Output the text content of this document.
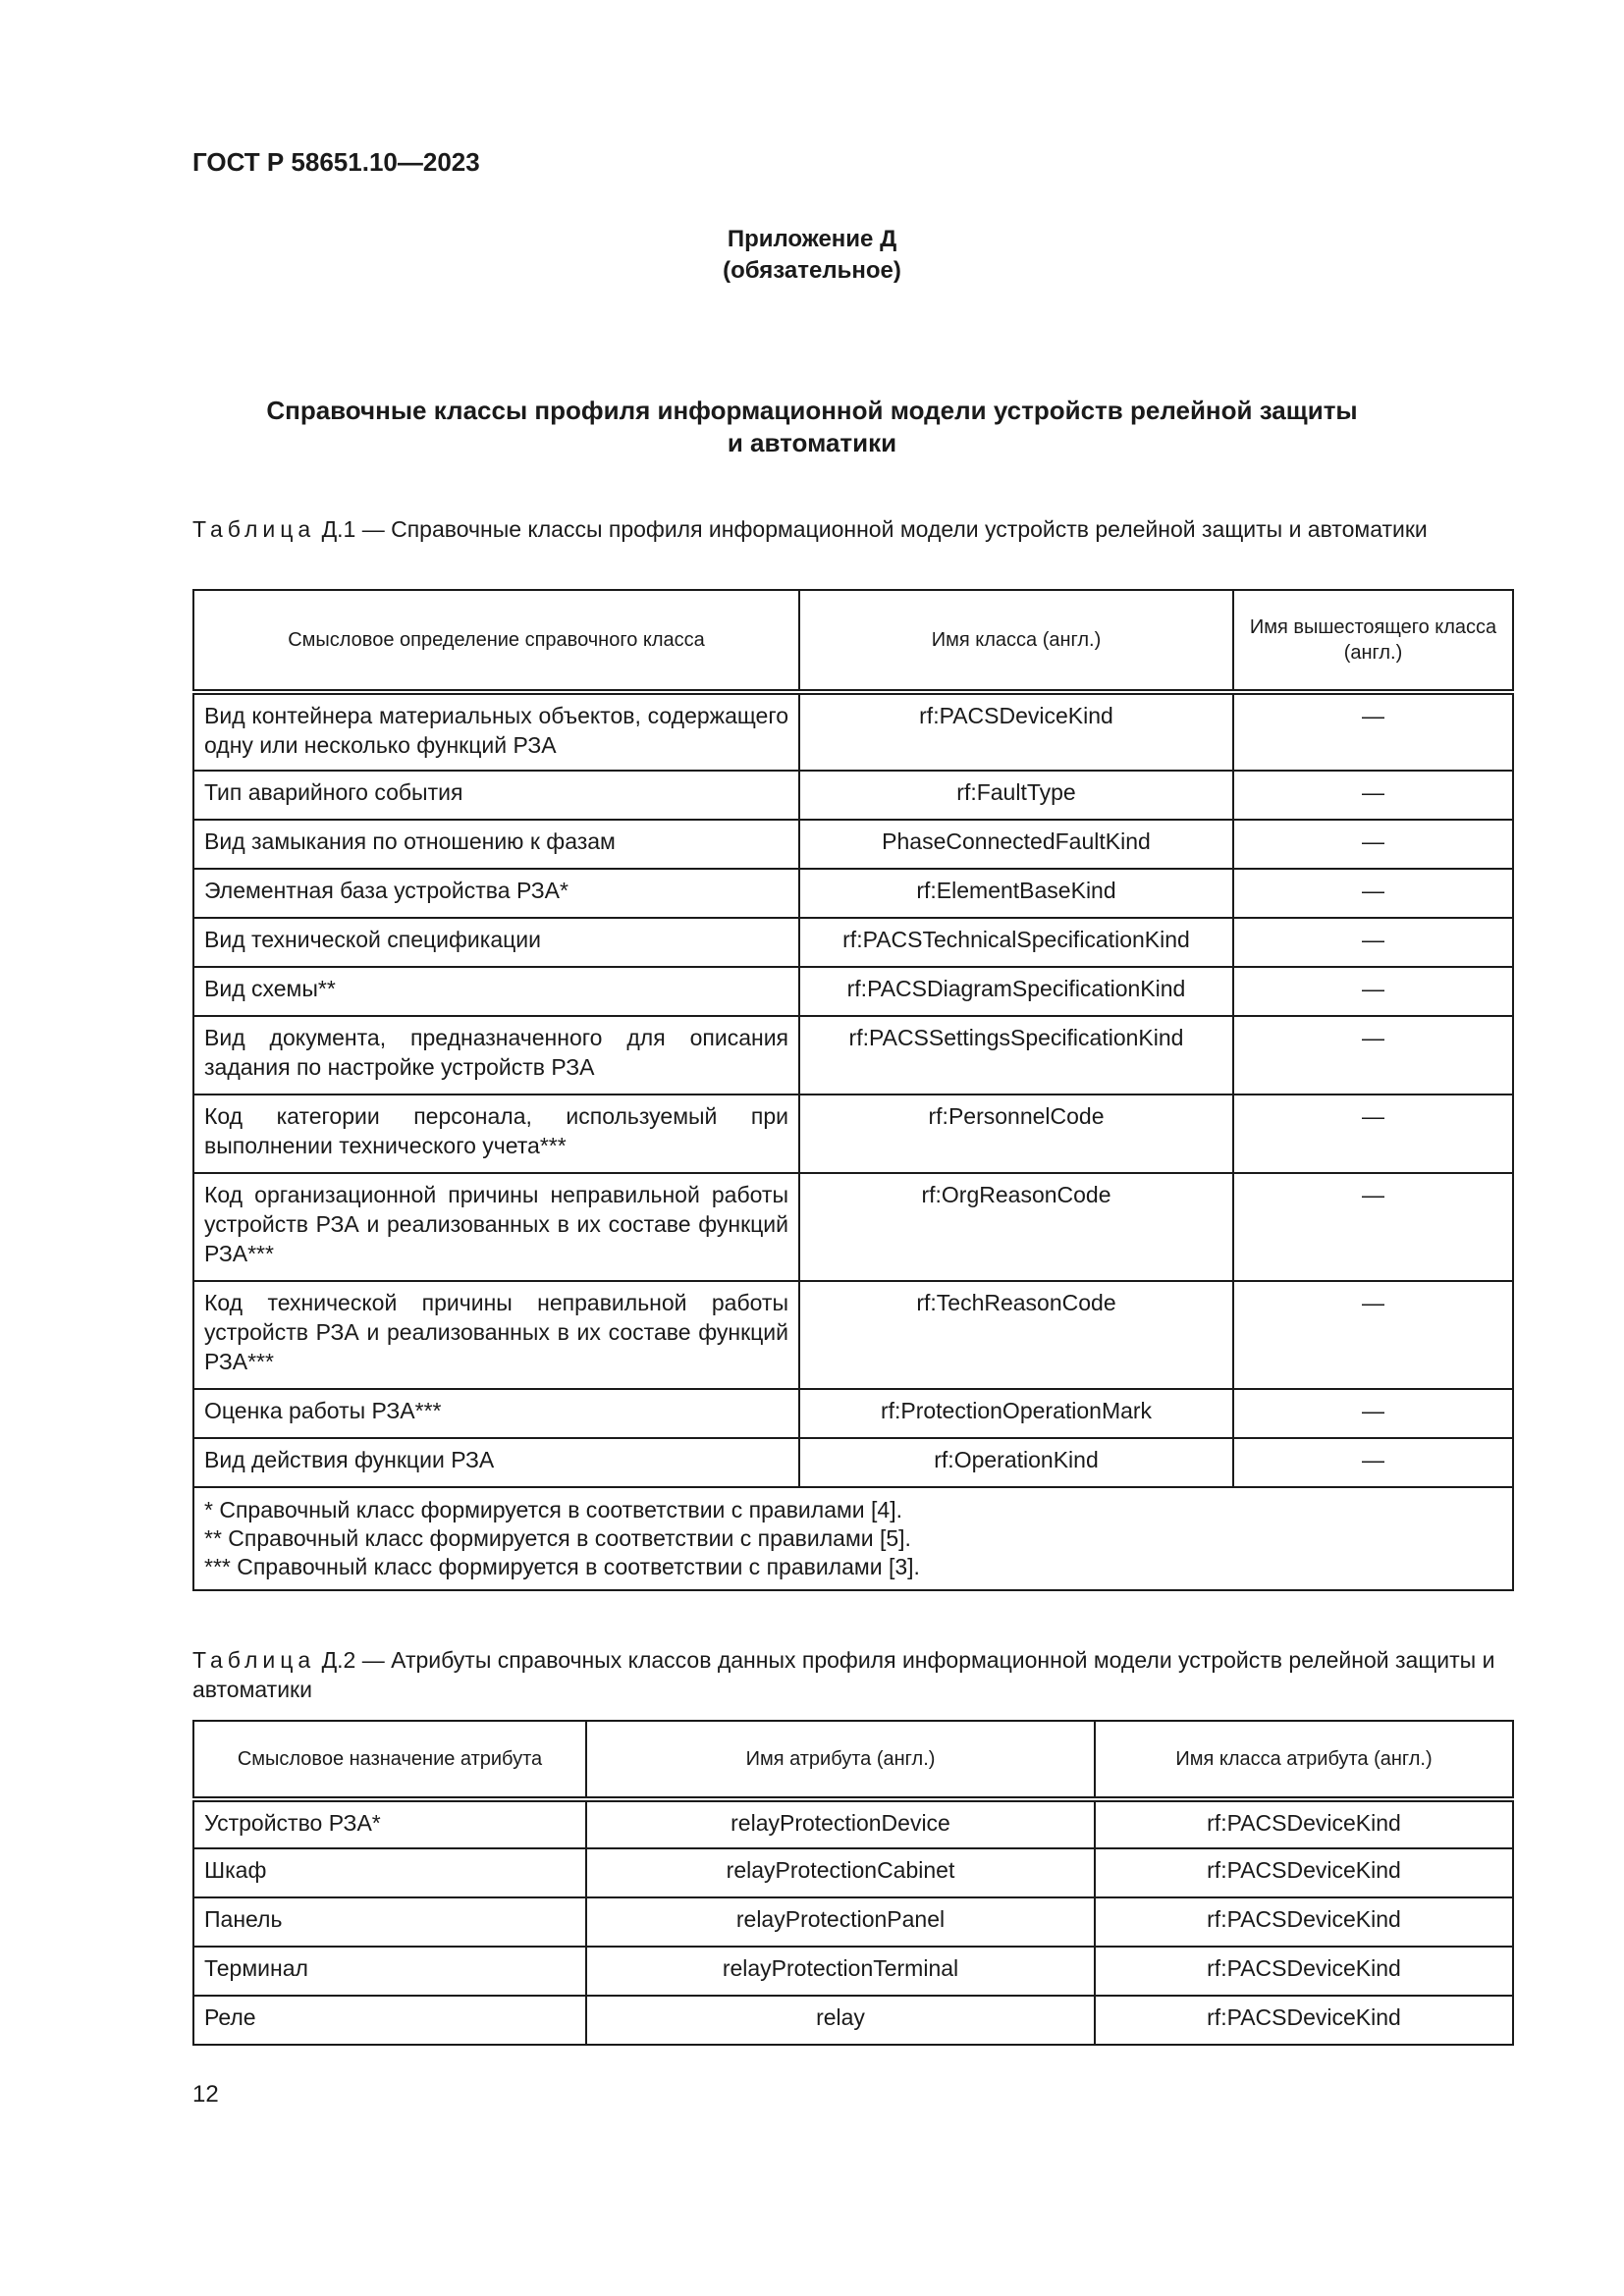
ГОСТ Р 58651.10—2023
Приложение Д
(обязательное)
Справочные классы профиля информационной модели устройств релейной защиты
и автоматики
Таблица Д.1 — Справочные классы профиля информационной модели устройств релейной защиты и автоматики
Смысловое определение справочного класса	Имя класса (англ.)	Имя вышестоящего класса (англ.)
Вид контейнера материальных объектов, содержащего одну или несколько функций РЗА	rf:PACSDeviceKind	—
Тип аварийного события	rf:FaultType	—
Вид замыкания по отношению к фазам	PhaseConnectedFaultKind	—
Элементная база устройства РЗА*	rf:ElementBaseKind	—
Вид технической спецификации	rf:PACSTechnicalSpecificationKind	—
Вид схемы**	rf:PACSDiagramSpecificationKind	—
Вид документа, предназначенного для описания задания по настройке устройств РЗА	rf:PACSSettingsSpecificationKind	—
Код категории персонала, используемый при выполнении технического учета***	rf:PersonnelCode	—
Код организационной причины неправильной работы устройств РЗА и реализованных в их составе функций РЗА***	rf:OrgReasonCode	—
Код технической причины неправильной работы устройств РЗА и реализованных в их составе функций РЗА***	rf:TechReasonCode	—
Оценка работы РЗА***	rf:ProtectionOperationMark	—
Вид действия функции РЗА	rf:OperationKind	—

* Справочный класс формируется в соответствии с правилами [4].
** Справочный класс формируется в соответствии с правилами [5].
*** Справочный класс формируется в соответствии с правилами [3].		
Таблица Д.2 — Атрибуты справочных классов данных профиля информационной модели устройств релейной защиты и автоматики
Смысловое назначение атрибута	Имя атрибута (англ.)	Имя класса атрибута (англ.)
Устройство РЗА*	relayProtectionDevice	rf:PACSDeviceKind
Шкаф	relayProtectionCabinet	rf:PACSDeviceKind
Панель	relayProtectionPanel	rf:PACSDeviceKind
Терминал	relayProtectionTerminal	rf:PACSDeviceKind
Реле	relay	rf:PACSDeviceKind
12
